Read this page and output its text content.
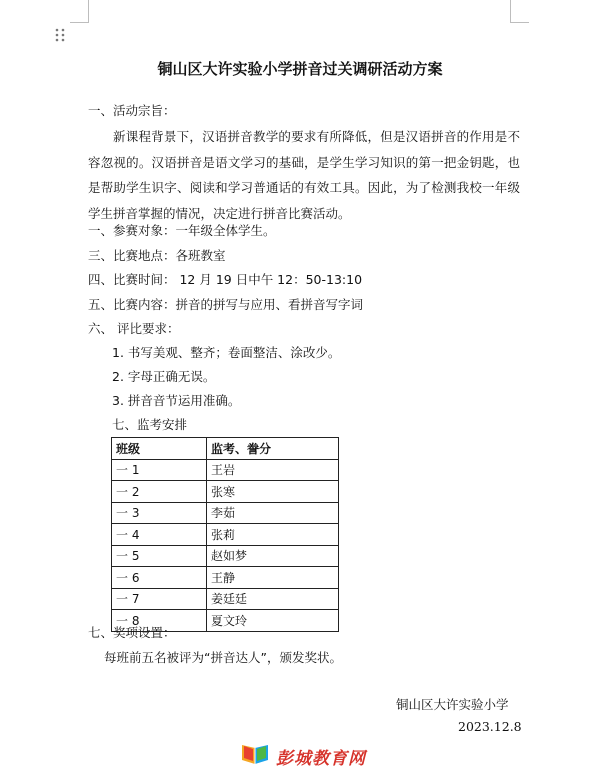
铜山区大许实验小学拼音过关调研活动方案
一、活动宗旨：
新课程背景下，汉语拼音教学的要求有所降低，但是汉语拼音的作用是不容忽视的。汉语拼音是语文学习的基础，是学生学习知识的第一把金钥匙，也是帮助学生识字、阅读和学习普通话的有效工具。因此，为了检测我校一年级学生拼音掌握的情况，决定进行拼音比赛活动。
一、参赛对象：一年级全体学生。
三、比赛地点：各班教室
四、比赛时间： 12 月 19 日中午 12：50-13:10
五、比赛内容：拼音的拼写与应用、看拼音写字词
六、 评比要求：
1. 书写美观、整齐；卷面整洁、涂改少。
2. 字母正确无误。
3. 拼音音节运用准确。
七、监考安排
班级	监考、誊分
一 1	王岩
一 2	张寒
一 3	李茹
一 4	张莉
一 5	赵如梦
一 6	王静
一 7	姜廷廷
一 8	夏文玲
七、奖项设置：
每班前五名被评为“拼音达人”，颁发奖状。
铜山区大许实验小学
2023.12.8
彭城教育网
